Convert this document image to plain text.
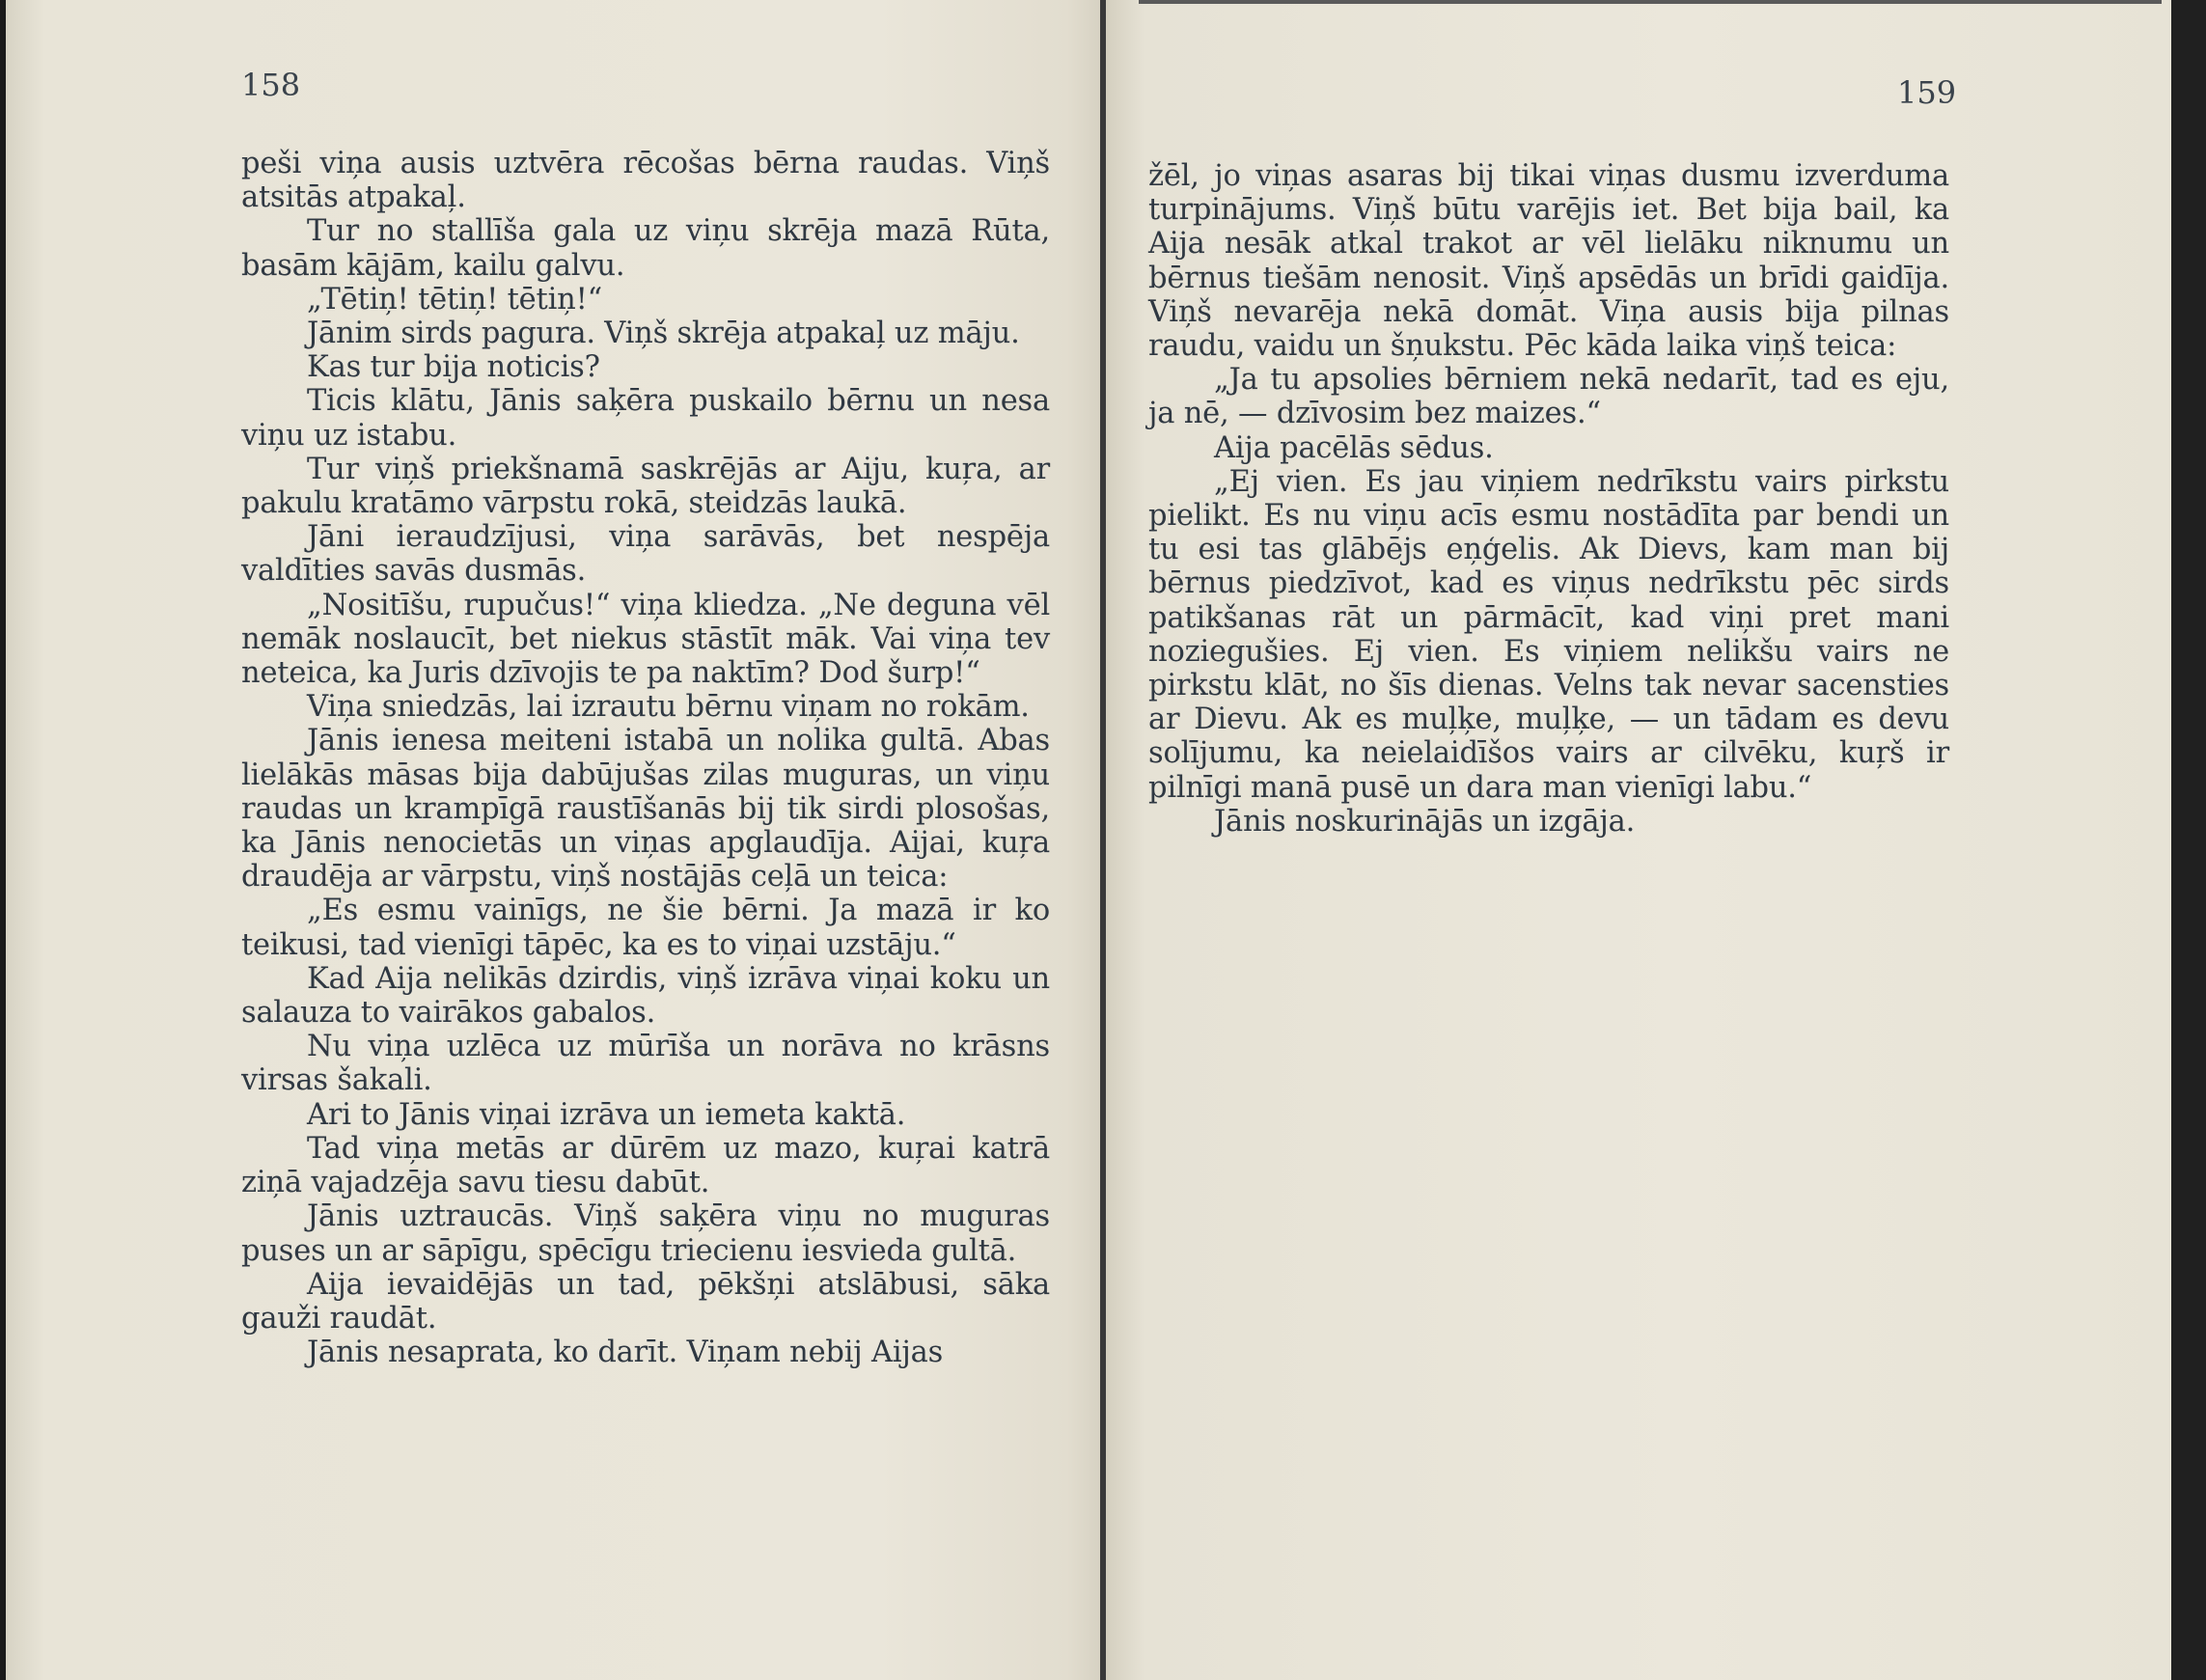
158	159

peši viņa ausis uztvēra rēcošas bērna raudas. Viņš atsitās atpakaļ.

Tur no stallīša gala uz viņu skrēja mazā Rūta, basām kājām, kailu galvu.

„Tētiņ! tētiņ! tētiņ!“

Jānim sirds pagura. Viņš skrēja atpakaļ uz māju.

Kas tur bija noticis?

Ticis klātu, Jānis saķēra puskailo bērnu un nesa viņu uz istabu.

Tur viņš priekšnamā saskrējās ar Aiju, kuŗa, ar pakulu kratāmo vārpstu rokā, steidzās laukā.

Jāni ieraudzījusi, viņa sarāvās, bet nespēja valdīties savās dusmās.

„Nositīšu, rupučus!“ viņa kliedza. „Ne deguna vēl nemāk noslaucīt, bet niekus stāstīt māk. Vai viņa tev neteica, ka Juris dzīvojis te pa naktīm? Dod šurp!“

Viņa sniedzās, lai izrautu bērnu viņam no rokām.

Jānis ienesa meiteni istabā un nolika gultā. Abas lielākās māsas bija dabūjušas zilas muguras, un viņu raudas un krampīgā raustīšanās bij tik sirdi plosošas, ka Jānis nenocietās un viņas apglaudīja. Aijai, kuŗa draudēja ar vārpstu, viņš nostājās ceļā un teica:

„Es esmu vainīgs, ne šie bērni. Ja mazā ir ko teikusi, tad vienīgi tāpēc, ka es to viņai uzstāju.“

Kad Aija nelikās dzirdis, viņš izrāva viņai koku un salauza to vairākos gabalos.

Nu viņa uzlēca uz mūrīša un norāva no krāsns virsas šakali.

Ari to Jānis viņai izrāva un iemeta kaktā.

Tad viņa metās ar dūrēm uz mazo, kuŗai katrā ziņā vajadzēja savu tiesu dabūt.

Jānis uztraucās. Viņš saķēra viņu no muguras puses un ar sāpīgu, spēcīgu triecienu iesvieda gultā.

Aija ievaidējās un tad, pēkšņi atslābusi, sāka gauži raudāt.

Jānis nesaprata, ko darīt. Viņam nebij Aijas

žēl, jo viņas asaras bij tikai viņas dusmu izverduma turpinājums. Viņš būtu varējis iet. Bet bija bail, ka Aija nesāk atkal trakot ar vēl lielāku niknumu un bērnus tiešām nenosit. Viņš apsēdās un brīdi gaidīja. Viņš nevarēja nekā domāt. Viņa ausis bija pilnas raudu, vaidu un šņukstu. Pēc kāda laika viņš teica:

„Ja tu apsolies bērniem nekā nedarīt, tad es eju, ja nē, — dzīvosim bez maizes.“

Aija pacēlās sēdus.

„Ej vien. Es jau viņiem nedrīkstu vairs pirkstu pielikt. Es nu viņu acīs esmu nostādīta par bendi un tu esi tas glābējs eņģelis. Ak Dievs, kam man bij bērnus piedzīvot, kad es viņus nedrīkstu pēc sirds patikšanas rāt un pārmācīt, kad viņi pret mani noziegušies. Ej vien. Es viņiem nelikšu vairs ne pirkstu klāt, no šīs dienas. Velns tak nevar sacensties ar Dievu. Ak es muļķe, muļķe, — un tādam es devu solījumu, ka neielaidīšos vairs ar cilvēku, kuŗš ir pilnīgi manā pusē un dara man vienīgi labu.“

Jānis noskurinājās un izgāja.
